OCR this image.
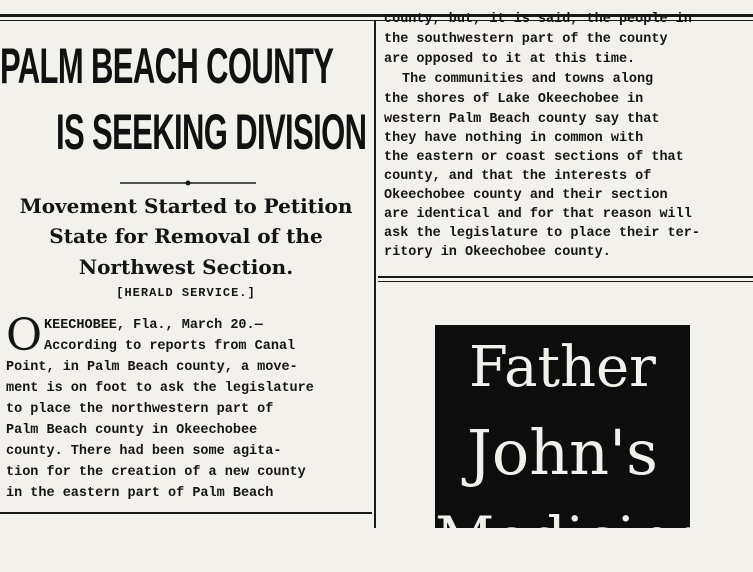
PALM BEACH COUNTY
IS SEEKING DIVISION

Movement Started to Petition

State for Removal of the

Northwest Section.

[HERALD SERVICE.]

O KEECHOBEE, Fla., March 20.—

According to reports from Canal

Point, in Palm Beach county, a move-

ment is on foot to ask the legislature

to place the northwestern part of

Palm Beach county in Okeechobee

county. There had been some agita-

tion for the creation of a new county

in the eastern part of Palm Beach

county, but, it is said, the people in

the southwestern part of the county

are opposed to it at this time.

The communities and towns along

the shores of Lake Okeechobee in

western Palm Beach county say that

they have nothing in common with

the eastern or coast sections of that

county, and that the interests of

Okeechobee county and their section

are identical and for that reason will

ask the legislature to place their ter-

ritory in Okeechobee county.

Father

John's

Medicine
